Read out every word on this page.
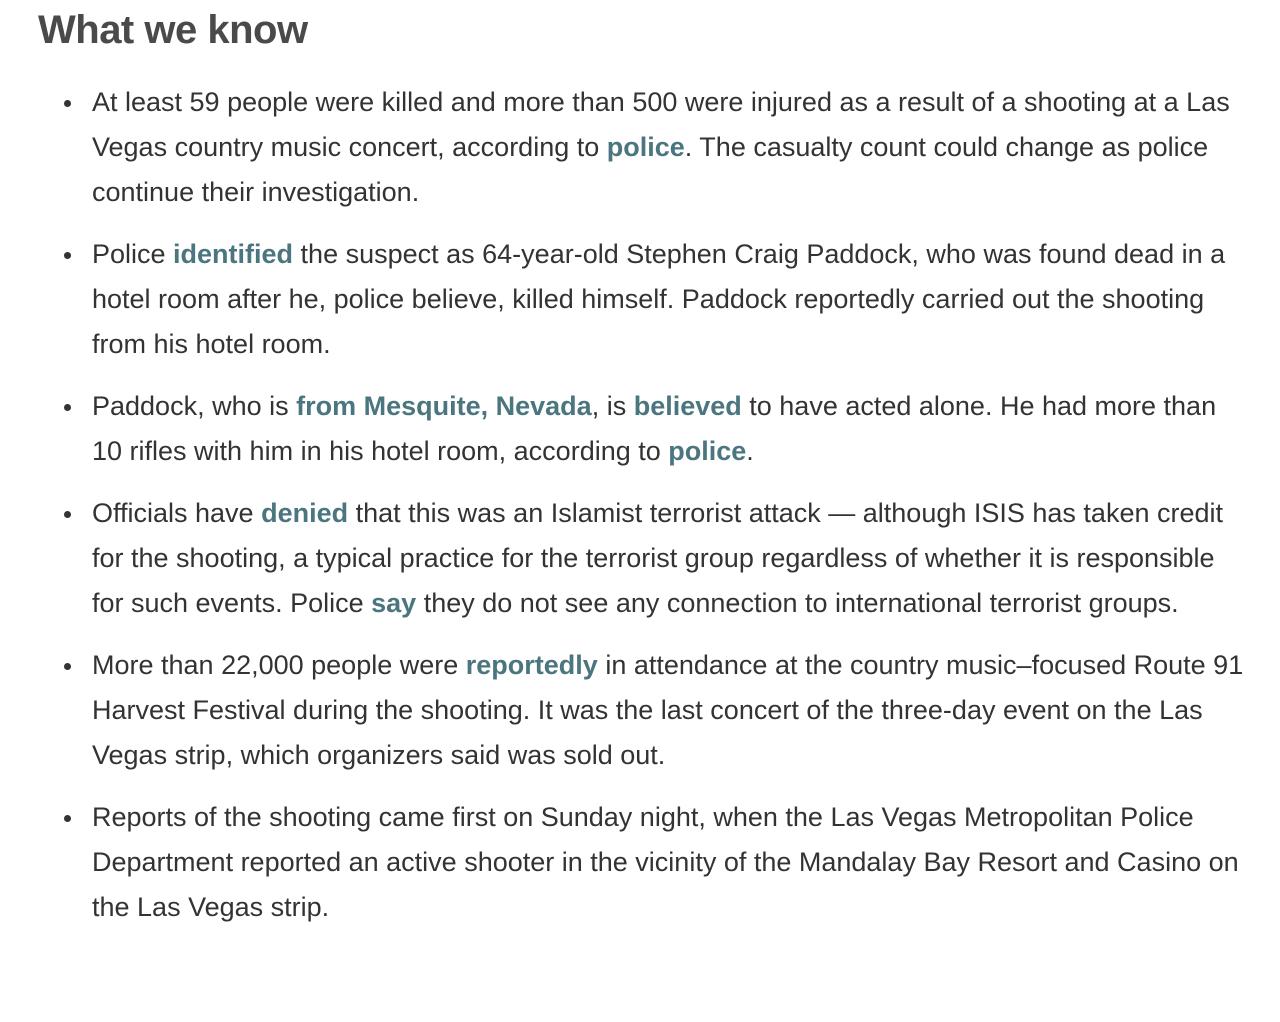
What we know
At least 59 people were killed and more than 500 were injured as a result of a shooting at a Las Vegas country music concert, according to police. The casualty count could change as police continue their investigation.
Police identified the suspect as 64-year-old Stephen Craig Paddock, who was found dead in a hotel room after he, police believe, killed himself. Paddock reportedly carried out the shooting from his hotel room.
Paddock, who is from Mesquite, Nevada, is believed to have acted alone. He had more than 10 rifles with him in his hotel room, according to police.
Officials have denied that this was an Islamist terrorist attack — although ISIS has taken credit for the shooting, a typical practice for the terrorist group regardless of whether it is responsible for such events. Police say they do not see any connection to international terrorist groups.
More than 22,000 people were reportedly in attendance at the country music–focused Route 91 Harvest Festival during the shooting. It was the last concert of the three-day event on the Las Vegas strip, which organizers said was sold out.
Reports of the shooting came first on Sunday night, when the Las Vegas Metropolitan Police Department reported an active shooter in the vicinity of the Mandalay Bay Resort and Casino on the Las Vegas strip.
